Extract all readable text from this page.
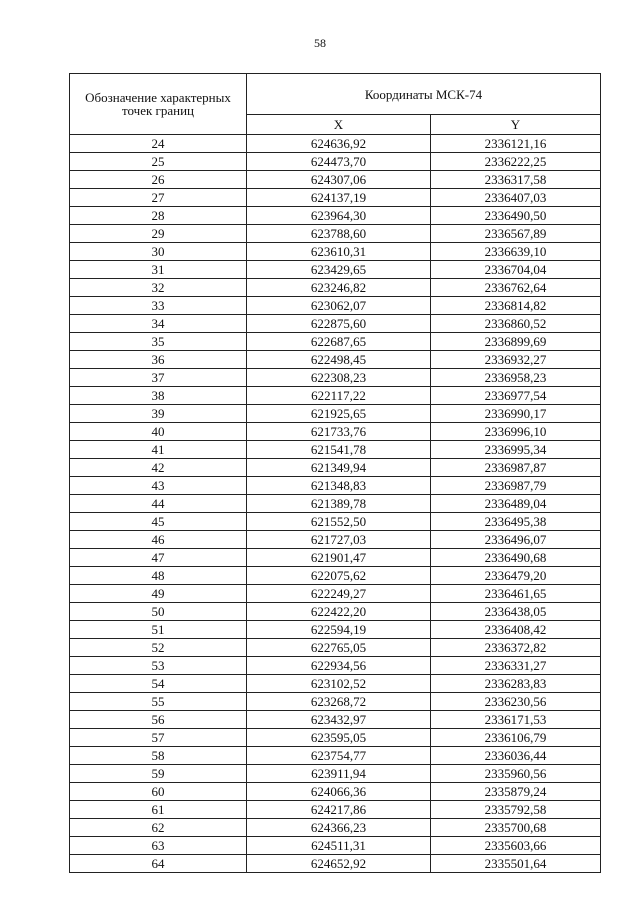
58
Обозначение характерных точек границ	Координаты МСК-74	
	X	Y
24	624636,92	2336121,16
25	624473,70	2336222,25
26	624307,06	2336317,58
27	624137,19	2336407,03
28	623964,30	2336490,50
29	623788,60	2336567,89
30	623610,31	2336639,10
31	623429,65	2336704,04
32	623246,82	2336762,64
33	623062,07	2336814,82
34	622875,60	2336860,52
35	622687,65	2336899,69
36	622498,45	2336932,27
37	622308,23	2336958,23
38	622117,22	2336977,54
39	621925,65	2336990,17
40	621733,76	2336996,10
41	621541,78	2336995,34
42	621349,94	2336987,87
43	621348,83	2336987,79
44	621389,78	2336489,04
45	621552,50	2336495,38
46	621727,03	2336496,07
47	621901,47	2336490,68
48	622075,62	2336479,20
49	622249,27	2336461,65
50	622422,20	2336438,05
51	622594,19	2336408,42
52	622765,05	2336372,82
53	622934,56	2336331,27
54	623102,52	2336283,83
55	623268,72	2336230,56
56	623432,97	2336171,53
57	623595,05	2336106,79
58	623754,77	2336036,44
59	623911,94	2335960,56
60	624066,36	2335879,24
61	624217,86	2335792,58
62	624366,23	2335700,68
63	624511,31	2335603,66
64	624652,92	2335501,64
